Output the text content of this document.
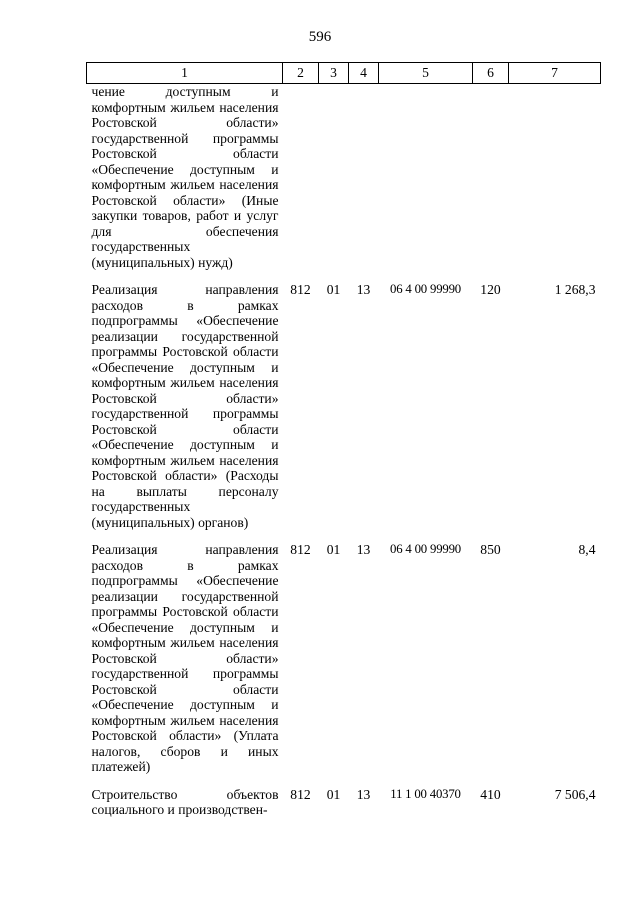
596
1	2	3	4	5	6	7
чение доступным и комфортным жильем населения Ростовской области» государственной программы Ростовской области «Обеспечение доступным и комфортным жильем населения Ростовской области» (Иные закупки товаров, работ и услуг для обеспечения государственных (муниципальных) нужд)						

Реализация направления расходов в рамках подпрограммы «Обеспечение реализации государственной программы Ростовской области «Обеспечение доступным и комфортным жильем населения Ростовской области» государственной программы Ростовской области «Обеспечение доступным и комфортным жильем населения Ростовской области» (Расходы на выплаты персоналу государственных (муниципальных) органов)	812	01	13	06 4 00 99990	120	1 268,3

Реализация направления расходов в рамках подпрограммы «Обеспечение реализации государственной программы Ростовской области «Обеспечение доступным и комфортным жильем населения Ростовской области» государственной программы Ростовской области «Обеспечение доступным и комфортным жильем населения Ростовской области» (Уплата налогов, сборов и иных платежей)	812	01	13	06 4 00 99990	850	8,4

Строительство объектов социального и производствен-	812	01	13	11 1 00 40370	410	7 506,4
